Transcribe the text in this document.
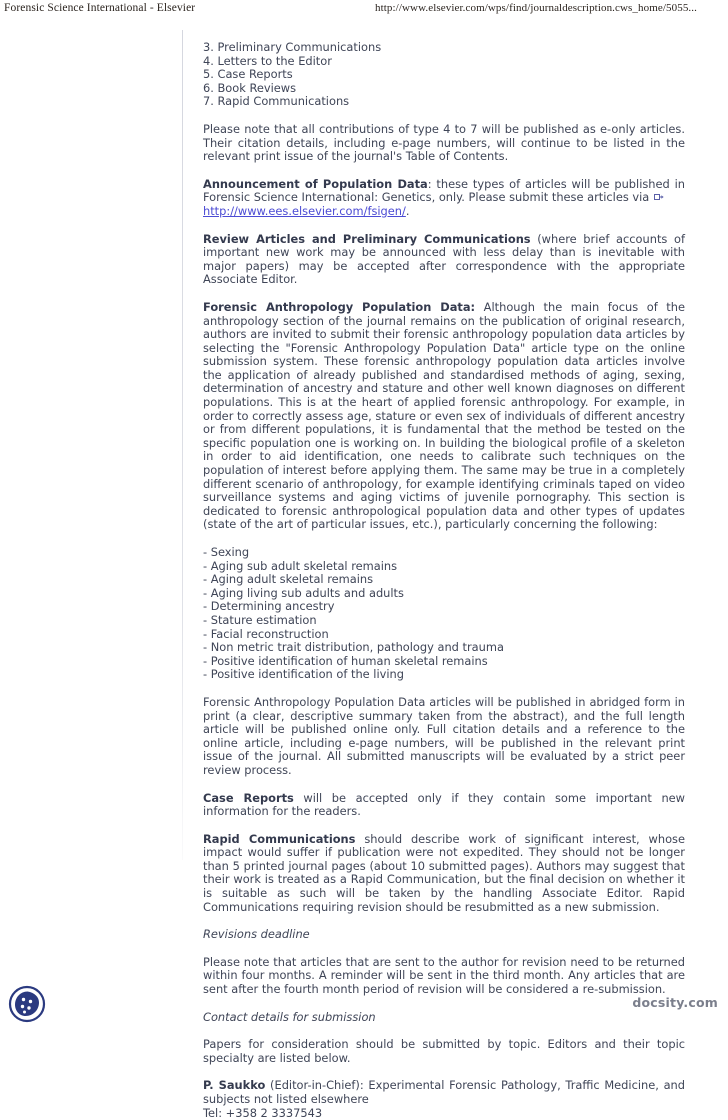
Forensic Science International - Elsevier	http://www.elsevier.com/wps/find/journaldescription.cws_home/5055...
3. Preliminary Communications
4. Letters to the Editor
5. Case Reports
6. Book Reviews
7. Rapid Communications

Please note that all contributions of type 4 to 7 will be published as e-only articles. Their citation details, including e-page numbers, will continue to be listed in the relevant print issue of the journal's Table of Contents.

Announcement of Population Data: these types of articles will be published in Forensic Science International: Genetics, only. Please submit these articles via
http://www.ees.elsevier.com/fsigen/.

Review Articles and Preliminary Communications (where brief accounts of important new work may be announced with less delay than is inevitable with major papers) may be accepted after correspondence with the appropriate Associate Editor.

Forensic Anthropology Population Data: Although the main focus of the anthropology section of the journal remains on the publication of original research, authors are invited to submit their forensic anthropology population data articles by selecting the "Forensic Anthropology Population Data" article type on the online submission system. These forensic anthropology population data articles involve the application of already published and standardised methods of aging, sexing, determination of ancestry and stature and other well known diagnoses on different populations. This is at the heart of applied forensic anthropology. For example, in order to correctly assess age, stature or even sex of individuals of different ancestry or from different populations, it is fundamental that the method be tested on the specific population one is working on. In building the biological profile of a skeleton in order to aid identification, one needs to calibrate such techniques on the population of interest before applying them. The same may be true in a completely different scenario of anthropology, for example identifying criminals taped on video surveillance systems and aging victims of juvenile pornography. This section is dedicated to forensic anthropological population data and other types of updates (state of the art of particular issues, etc.), particularly concerning the following:

- Sexing
- Aging sub adult skeletal remains
- Aging adult skeletal remains
- Aging living sub adults and adults
- Determining ancestry
- Stature estimation
- Facial reconstruction
- Non metric trait distribution, pathology and trauma
- Positive identification of human skeletal remains
- Positive identification of the living

Forensic Anthropology Population Data articles will be published in abridged form in print (a clear, descriptive summary taken from the abstract), and the full length article will be published online only. Full citation details and a reference to the online article, including e-page numbers, will be published in the relevant print issue of the journal. All submitted manuscripts will be evaluated by a strict peer review process.

Case Reports will be accepted only if they contain some important new information for the readers.

Rapid Communications should describe work of significant interest, whose impact would suffer if publication were not expedited. They should not be longer than 5 printed journal pages (about 10 submitted pages). Authors may suggest that their work is treated as a Rapid Communication, but the final decision on whether it is suitable as such will be taken by the handling Associate Editor. Rapid Communications requiring revision should be resubmitted as a new submission.

Revisions deadline

Please note that articles that are sent to the author for revision need to be returned within four months. A reminder will be sent in the third month. Any articles that are sent after the fourth month period of revision will be considered a re-submission.

Contact details for submission

Papers for consideration should be submitted by topic. Editors and their topic specialty are listed below.

P. Saukko (Editor-in-Chief): Experimental Forensic Pathology, Traffic Medicine, and subjects not listed elsewhere
Tel: +358 2 3337543

docsity.com
